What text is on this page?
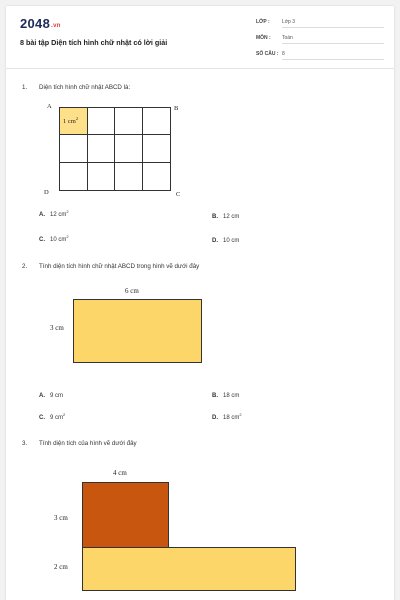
2048.vn
8 bài tập Diện tích hình chữ nhật có lời giải
LỚP : Lớp 3
MÔN : Toán
SỐ CÂU : 8
1. Diện tích hình chữ nhật ABCD là:
A	B
D	C
1 $cm^2$
A. 12 $cm^2$
B. 12 cm
C. 10 $cm^2$
D. 10 cm
2. Tính diện tích hình chữ nhật ABCD trong hình vẽ dưới đây
6 cm
3 cm
A. 9 cm	B. 18 cm
C. 9 $cm^2$
D. 18 $cm^2$
3. Tính diện tích của hình vẽ dưới đây
4 cm
3 cm
2 cm
